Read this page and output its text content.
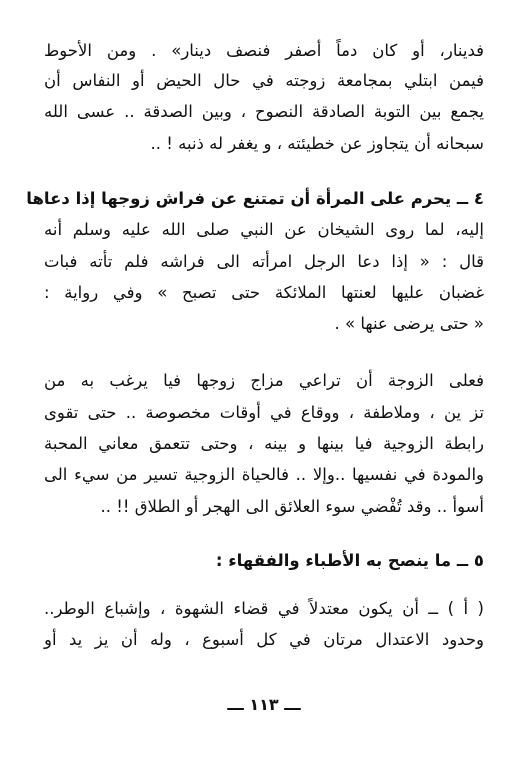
فدينار، أو كان دماً أصفر فنصف دينار» . ومن الأحوط
فيمن ابتلي بمجامعة زوجته في حال الحيض أو النفاس أن
يجمع بين التوبة الصادقة النصوح ، وبين الصدقة .. عسى الله
سبحانه أن يتجاوز عن خطيئته ، و يغفر له ذنبه ! ..
٤ ــ يحرم على المرأة أن تمتنع عن فراش زوجها إذا دعاها
إليه، لما روى الشيخان عن النبي صلى الله عليه وسلم أنه
قال : « إذا دعا الرجل امرأته الى فراشه فلم تأته فبات
غضبان عليها لعنتها الملائكة حتى تصبح » وفي رواية :
« حتى يرضى عنها » .
فعلى الزوجة أن تراعي مزاج زوجها فيا يرغب به من
تز ين ، وملاطفة ، ووقاع في أوقات مخصوصة .. حتى تقوى
رابطة الزوجية فيا بينها و بينه ، وحتى تتعمق معاني المحبة
والمودة في نفسيها ..وإلا .. فالحياة الزوجية تسير من سيء الى
أسوأ .. وقد تُفْضي سوء العلائق الى الهجر أو الطلاق !! ..
٥ ــ ما ينصح به الأطباء والفقهاء :
( أ ) ــ أن يكون معتدلاً في قضاء الشهوة ، وإشباع الوطر..
وحدود الاعتدال مرتان في كل أسبوع ، وله أن يز يد أو
ـــ ١١٣ ـــ
